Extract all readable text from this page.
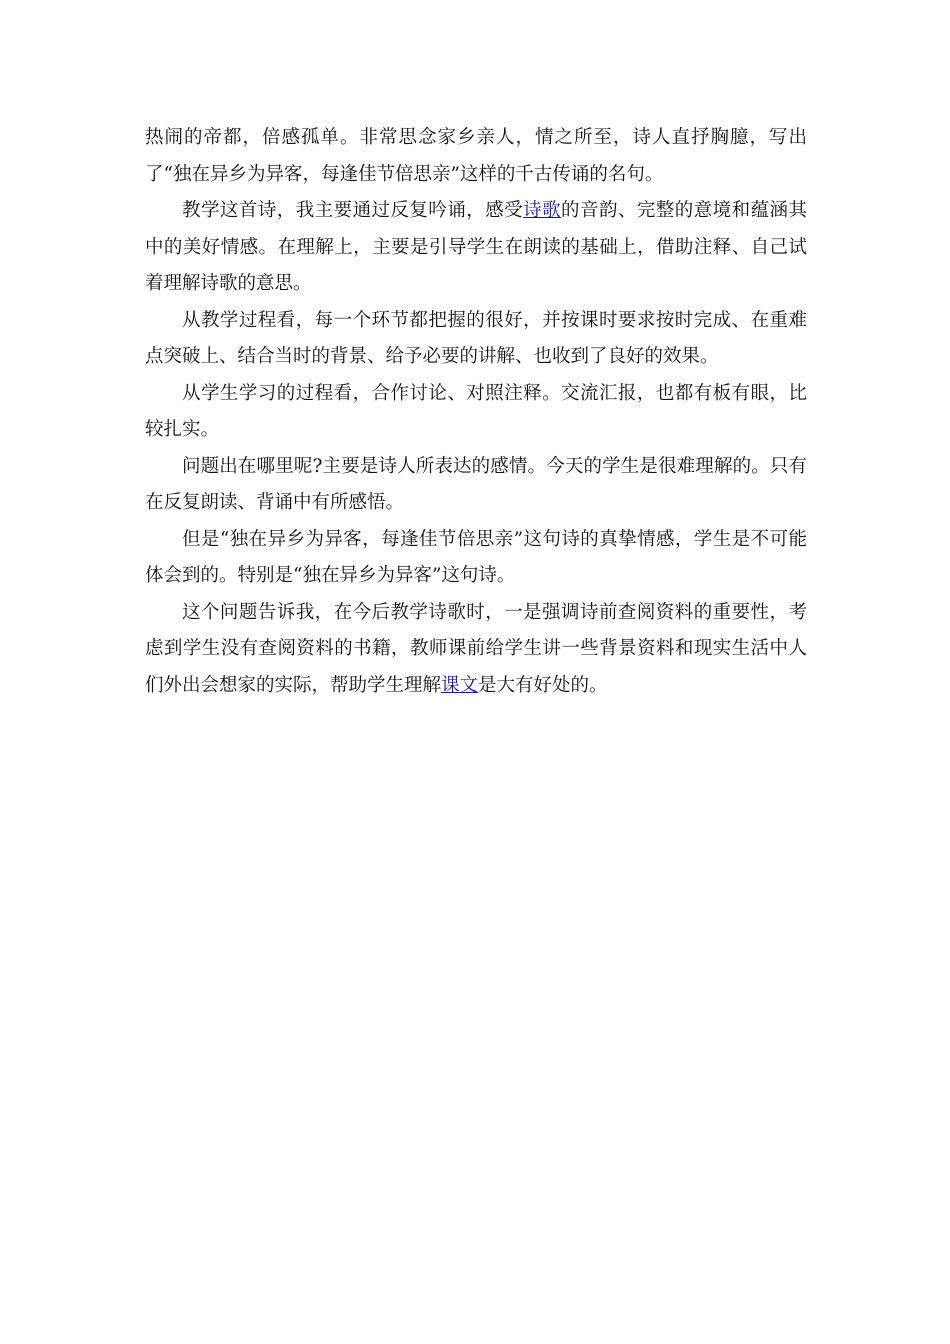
热闹的帝都，倍感孤单。非常思念家乡亲人，情之所至，诗人直抒胸臆，写出了“独在异乡为异客，每逢佳节倍思亲”这样的千古传诵的名句。

教学这首诗，我主要通过反复吟诵，感受诗歌的音韵、完整的意境和蕴涵其中的美好情感。在理解上，主要是引导学生在朗读的基础上，借助注释、自己试着理解诗歌的意思。

从教学过程看，每一个环节都把握的很好，并按课时要求按时完成、在重难点突破上、结合当时的背景、给予必要的讲解、也收到了良好的效果。

从学生学习的过程看，合作讨论、对照注释。交流汇报，也都有板有眼，比较扎实。

问题出在哪里呢?主要是诗人所表达的感情。今天的学生是很难理解的。只有在反复朗读、背诵中有所感悟。

但是“独在异乡为异客，每逢佳节倍思亲”这句诗的真挚情感，学生是不可能体会到的。特别是“独在异乡为异客”这句诗。

这个问题告诉我，在今后教学诗歌时，一是强调诗前查阅资料的重要性，考虑到学生没有查阅资料的书籍，教师课前给学生讲一些背景资料和现实生活中人们外出会想家的实际，帮助学生理解课文是大有好处的。
